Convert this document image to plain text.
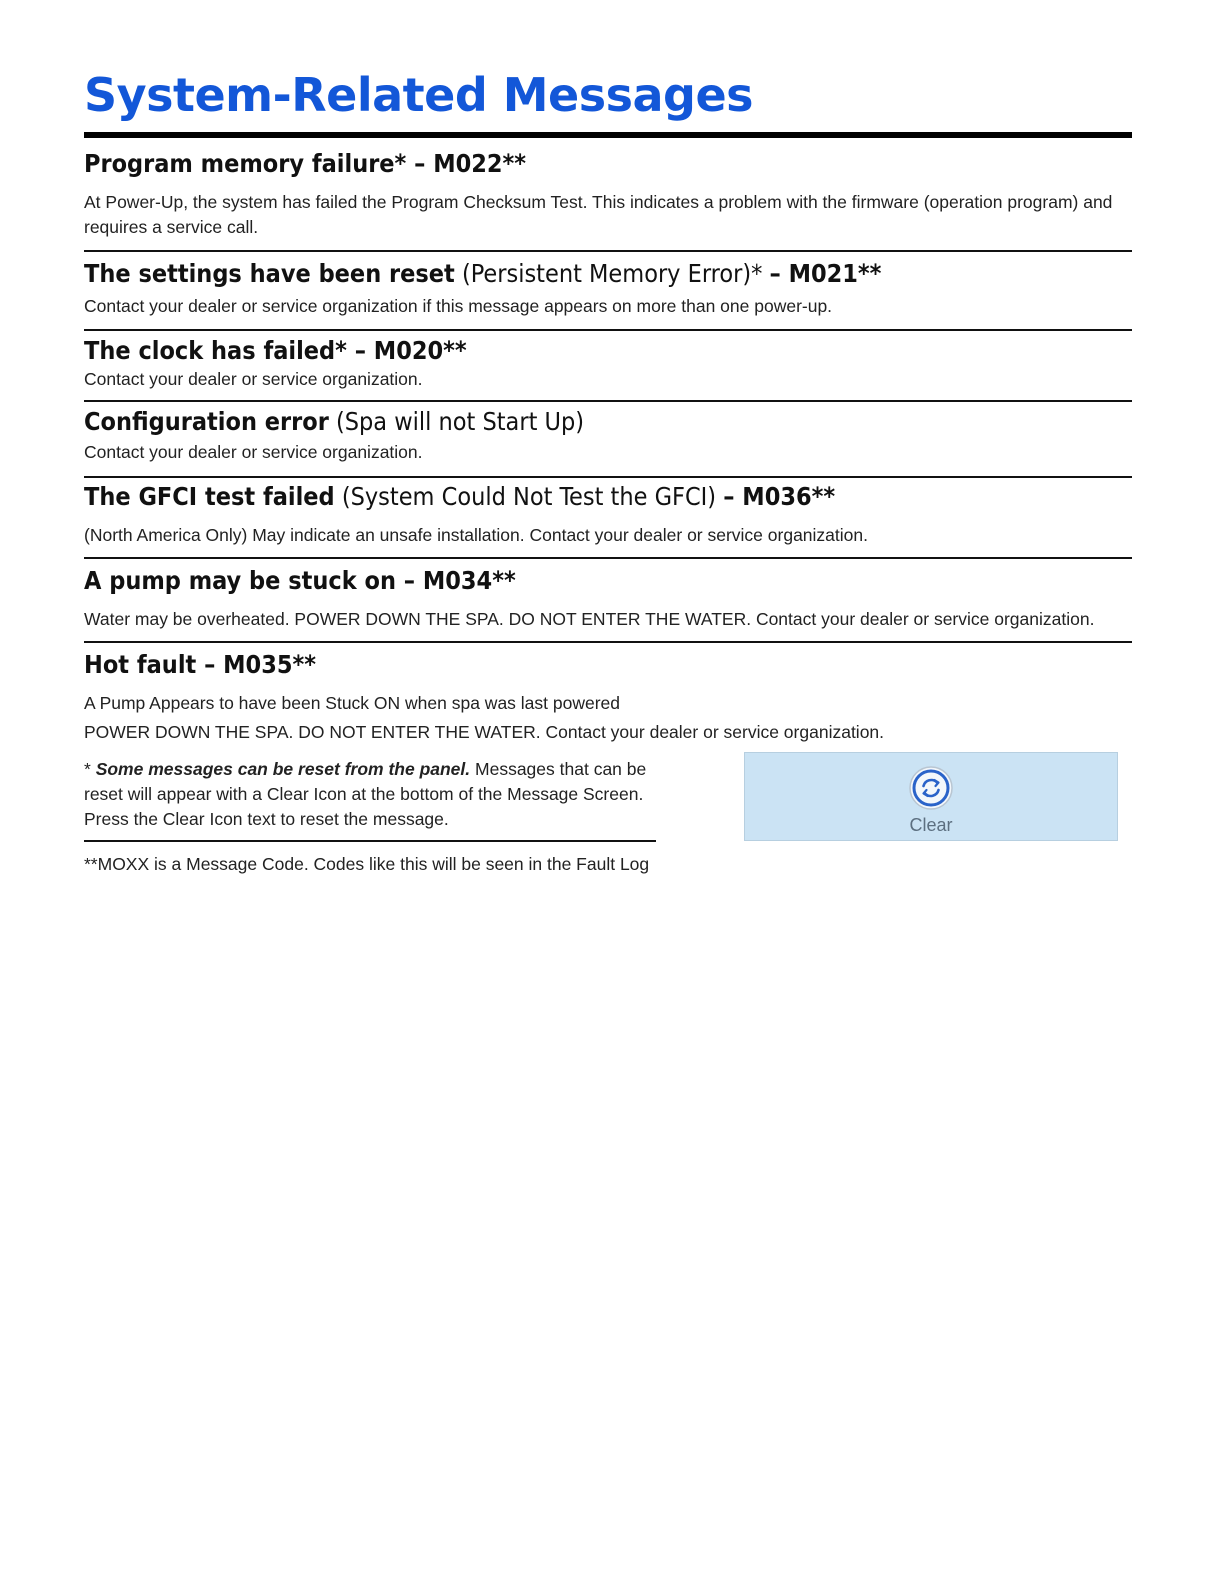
System-Related Messages

Program memory failure* – M022**

At Power-Up, the system has failed the Program Checksum Test. This indicates a problem with the firmware (operation program) and requires a service call.

The settings have been reset (Persistent Memory Error)* – M021**

Contact your dealer or service organization if this message appears on more than one power-up.

The clock has failed* – M020**

Contact your dealer or service organization.

Configuration error (Spa will not Start Up)

Contact your dealer or service organization.

The GFCI test failed (System Could Not Test the GFCI) – M036**

(North America Only) May indicate an unsafe installation. Contact your dealer or service organization.

A pump may be stuck on – M034**

Water may be overheated. POWER DOWN THE SPA. DO NOT ENTER THE WATER. Contact your dealer or service organization.

Hot fault – M035**

A Pump Appears to have been Stuck ON when spa was last powered

POWER DOWN THE SPA. DO NOT ENTER THE WATER. Contact your dealer or service organization.

* Some messages can be reset from the panel. Messages that can be reset will appear with a Clear Icon at the bottom of the Message Screen. Press the Clear Icon text to reset the message.
**MOXX is a Message Code. Codes like this will be seen in the Fault Log
Clear
